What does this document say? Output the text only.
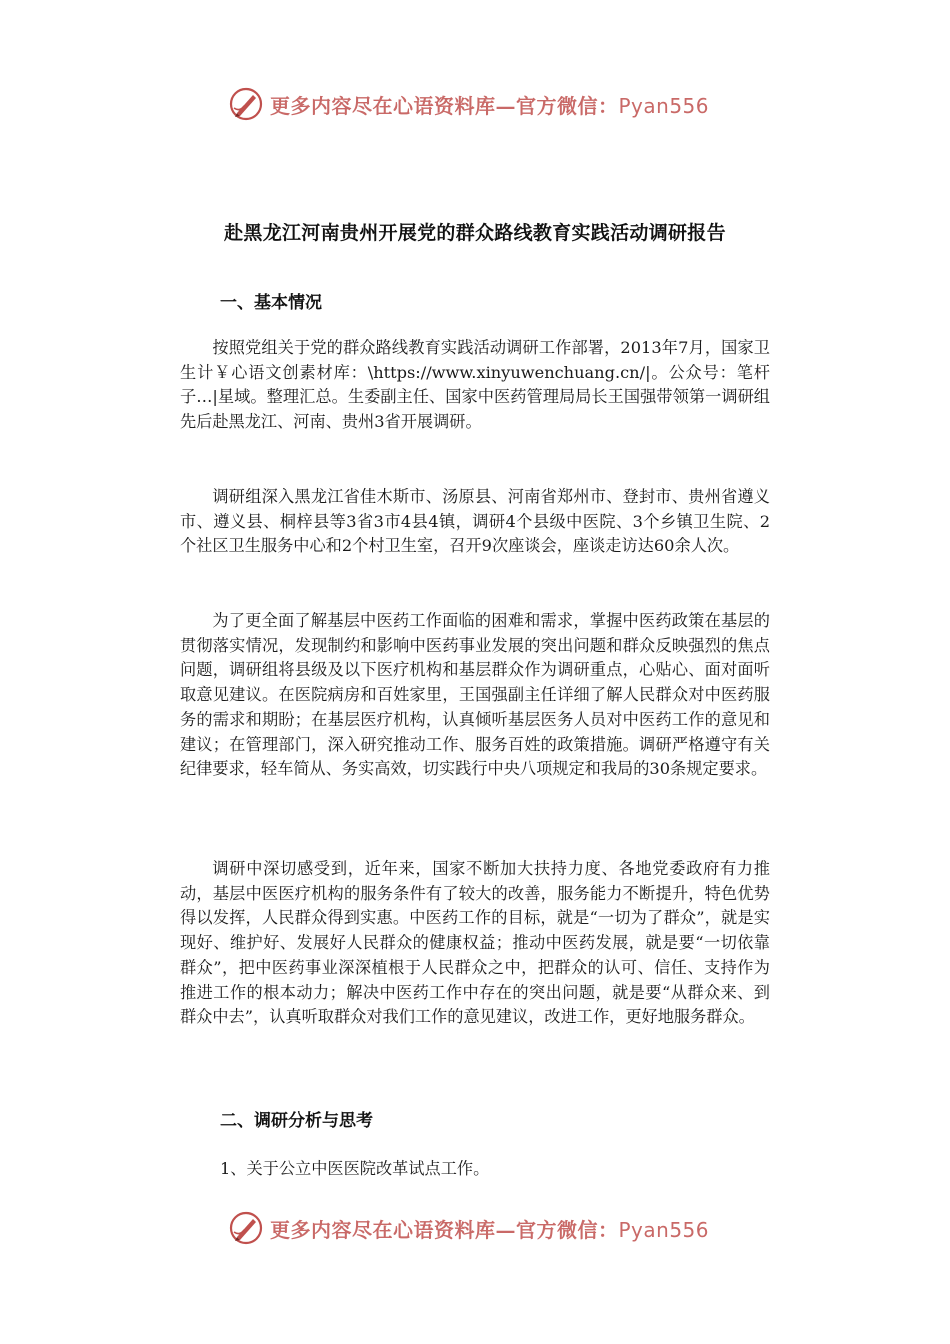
更多内容尽在心语资料库—官方微信：Pyan556
赴黑龙江河南贵州开展党的群众路线教育实践活动调研报告
一、基本情况

按照党组关于党的群众路线教育实践活动调研工作部署，2013年7月，国家卫生计￥心语文创素材库：\https://www.xinyuwenchuang.cn/|。公众号：笔杆子…|星域。整理汇总。生委副主任、国家中医药管理局局长王国强带领第一调研组先后赴黑龙江、河南、贵州3省开展调研。

调研组深入黑龙江省佳木斯市、汤原县、河南省郑州市、登封市、贵州省遵义市、遵义县、桐梓县等3省3市4县4镇，调研4个县级中医院、3个乡镇卫生院、2个社区卫生服务中心和2个村卫生室，召开9次座谈会，座谈走访达60余人次。

为了更全面了解基层中医药工作面临的困难和需求，掌握中医药政策在基层的贯彻落实情况，发现制约和影响中医药事业发展的突出问题和群众反映强烈的焦点问题，调研组将县级及以下医疗机构和基层群众作为调研重点，心贴心、面对面听取意见建议。在医院病房和百姓家里，王国强副主任详细了解人民群众对中医药服务的需求和期盼；在基层医疗机构，认真倾听基层医务人员对中医药工作的意见和建议；在管理部门，深入研究推动工作、服务百姓的政策措施。调研严格遵守有关纪律要求，轻车简从、务实高效，切实践行中央八项规定和我局的30条规定要求。

调研中深切感受到，近年来，国家不断加大扶持力度、各地党委政府有力推动，基层中医医疗机构的服务条件有了较大的改善，服务能力不断提升，特色优势得以发挥，人民群众得到实惠。中医药工作的目标，就是“一切为了群众”，就是实现好、维护好、发展好人民群众的健康权益；推动中医药发展，就是要“一切依靠群众”，把中医药事业深深植根于人民群众之中，把群众的认可、信任、支持作为推进工作的根本动力；解决中医药工作中存在的突出问题，就是要“从群众来、到群众中去”，认真听取群众对我们工作的意见建议，改进工作，更好地服务群众。

二、调研分析与思考
1、关于公立中医医院改革试点工作。
更多内容尽在心语资料库—官方微信：Pyan556
